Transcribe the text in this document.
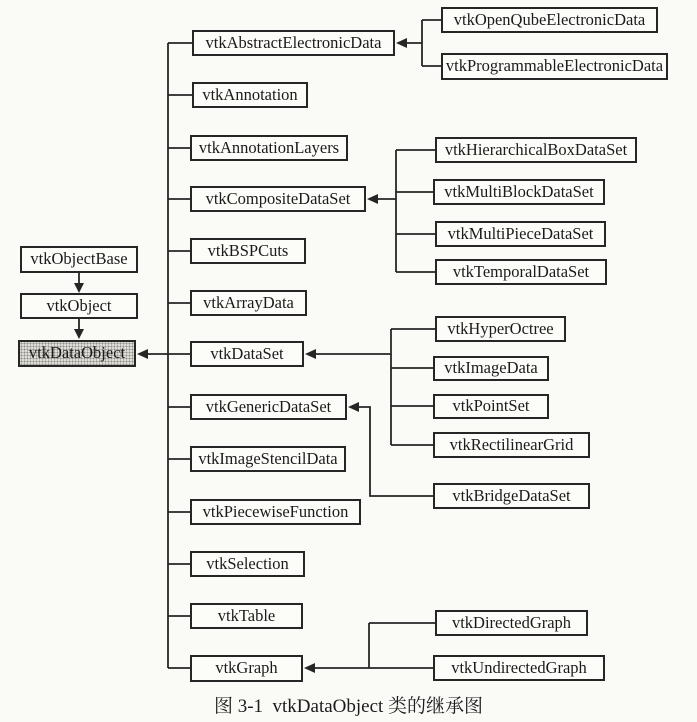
vtkObjectBase
vtkObject
vtkDataObject
vtkAbstractElectronicData
vtkAnnotation
vtkAnnotationLayers
vtkCompositeDataSet
vtkBSPCuts
vtkArrayData
vtkDataSet
vtkGenericDataSet
vtkImageStencilData
vtkPiecewiseFunction
vtkSelection
vtkTable
vtkGraph
vtkOpenQubeElectronicData
vtkProgrammableElectronicData
vtkHierarchicalBoxDataSet
vtkMultiBlockDataSet
vtkMultiPieceDataSet
vtkTemporalDataSet
vtkHyperOctree
vtkImageData
vtkPointSet
vtkRectilinearGrid
vtkBridgeDataSet
vtkDirectedGraph
vtkUndirectedGraph
图 3-1  vtkDataObject 类的继承图
